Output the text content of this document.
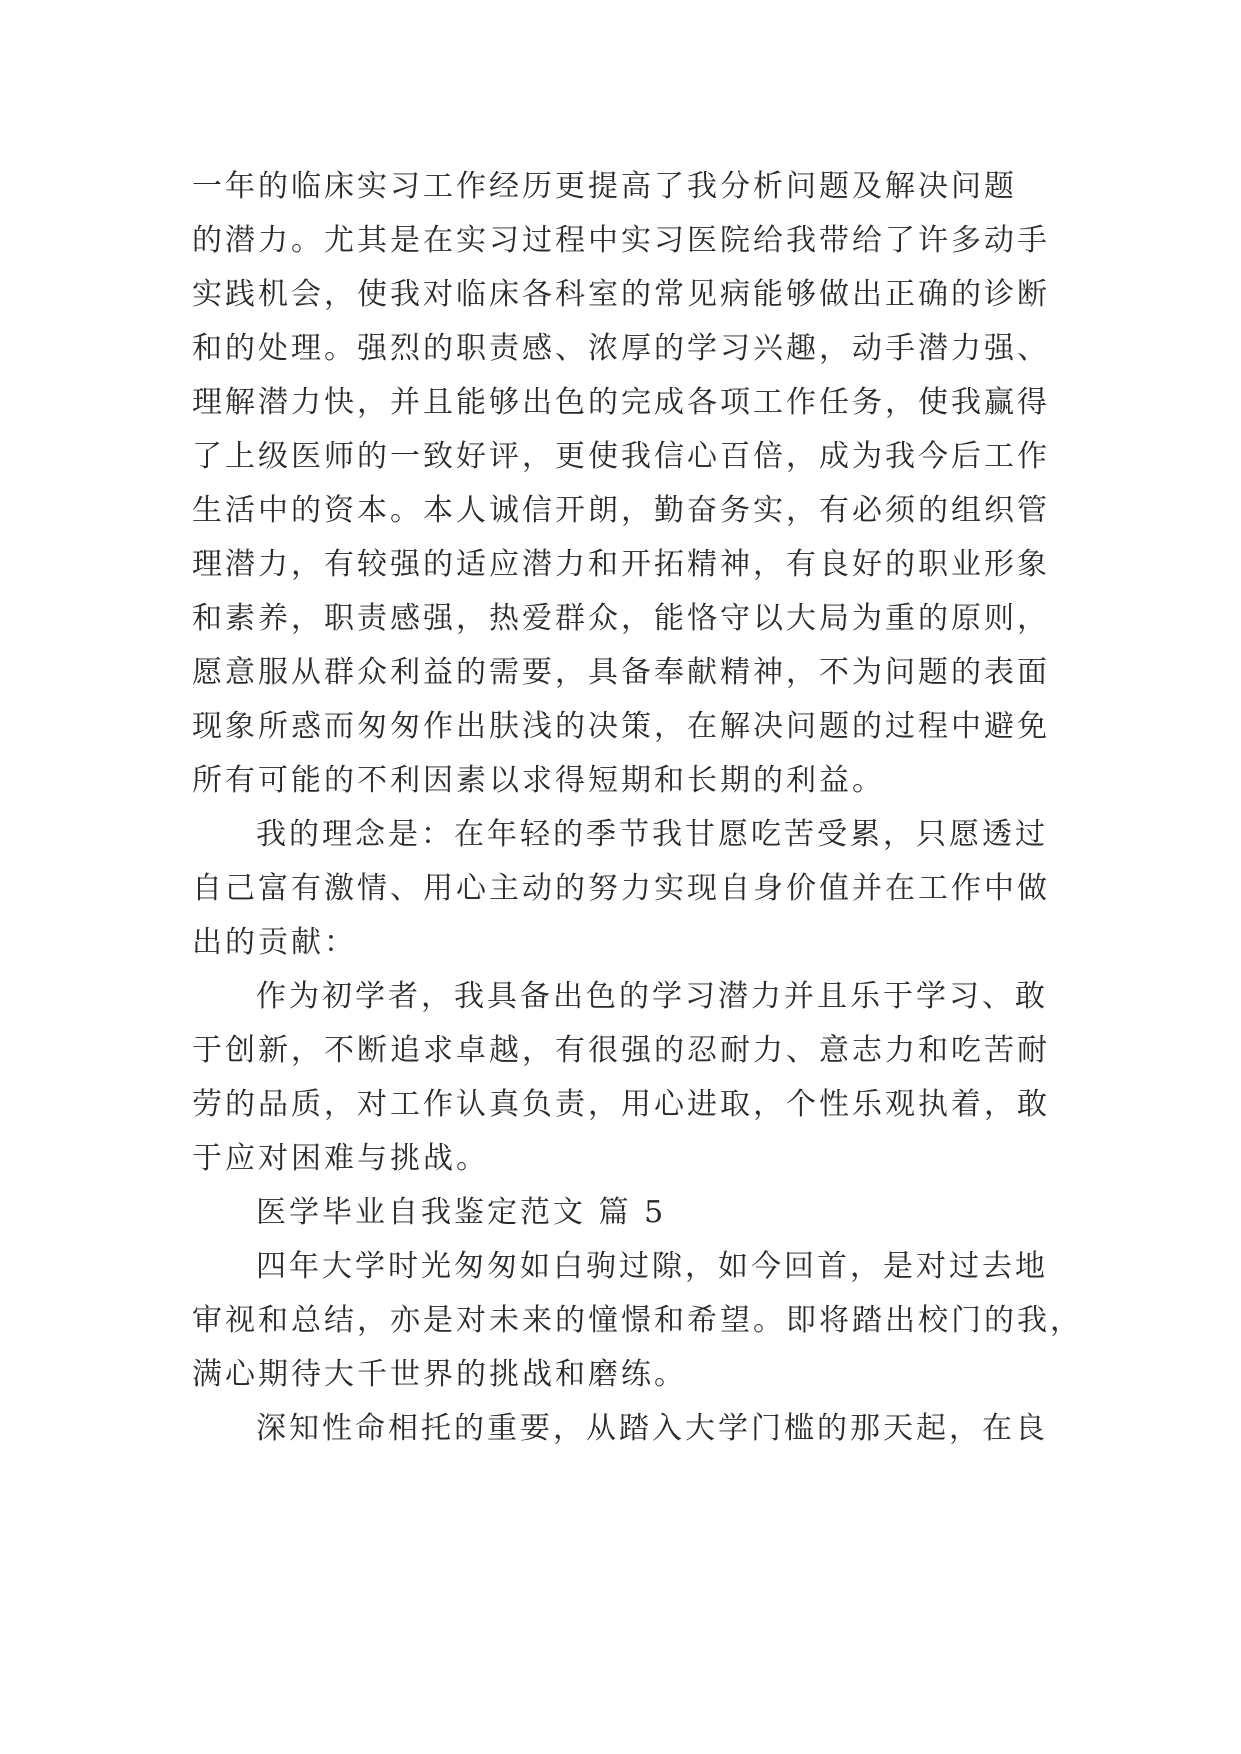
一年的临床实习工作经历更提高了我分析问题及解决问题
的潜力。尤其是在实习过程中实习医院给我带给了许多动手
实践机会，使我对临床各科室的常见病能够做出正确的诊断
和的处理。强烈的职责感、浓厚的学习兴趣，动手潜力强、
理解潜力快，并且能够出色的完成各项工作任务，使我赢得
了上级医师的一致好评，更使我信心百倍，成为我今后工作
生活中的资本。本人诚信开朗，勤奋务实，有必须的组织管
理潜力，有较强的适应潜力和开拓精神，有良好的职业形象
和素养，职责感强，热爱群众，能恪守以大局为重的原则，
愿意服从群众利益的需要，具备奉献精神，不为问题的表面
现象所惑而匆匆作出肤浅的决策，在解决问题的过程中避免
所有可能的不利因素以求得短期和长期的利益。
我的理念是：在年轻的季节我甘愿吃苦受累，只愿透过
自己富有激情、用心主动的努力实现自身价值并在工作中做
出的贡献：
作为初学者，我具备出色的学习潜力并且乐于学习、敢
于创新，不断追求卓越，有很强的忍耐力、意志力和吃苦耐
劳的品质，对工作认真负责，用心进取，个性乐观执着，敢
于应对困难与挑战。
医学毕业自我鉴定范文 篇 5
四年大学时光匆匆如白驹过隙，如今回首，是对过去地
审视和总结，亦是对未来的憧憬和希望。即将踏出校门的我，
满心期待大千世界的挑战和磨练。
深知性命相托的重要，从踏入大学门槛的那天起，在良
